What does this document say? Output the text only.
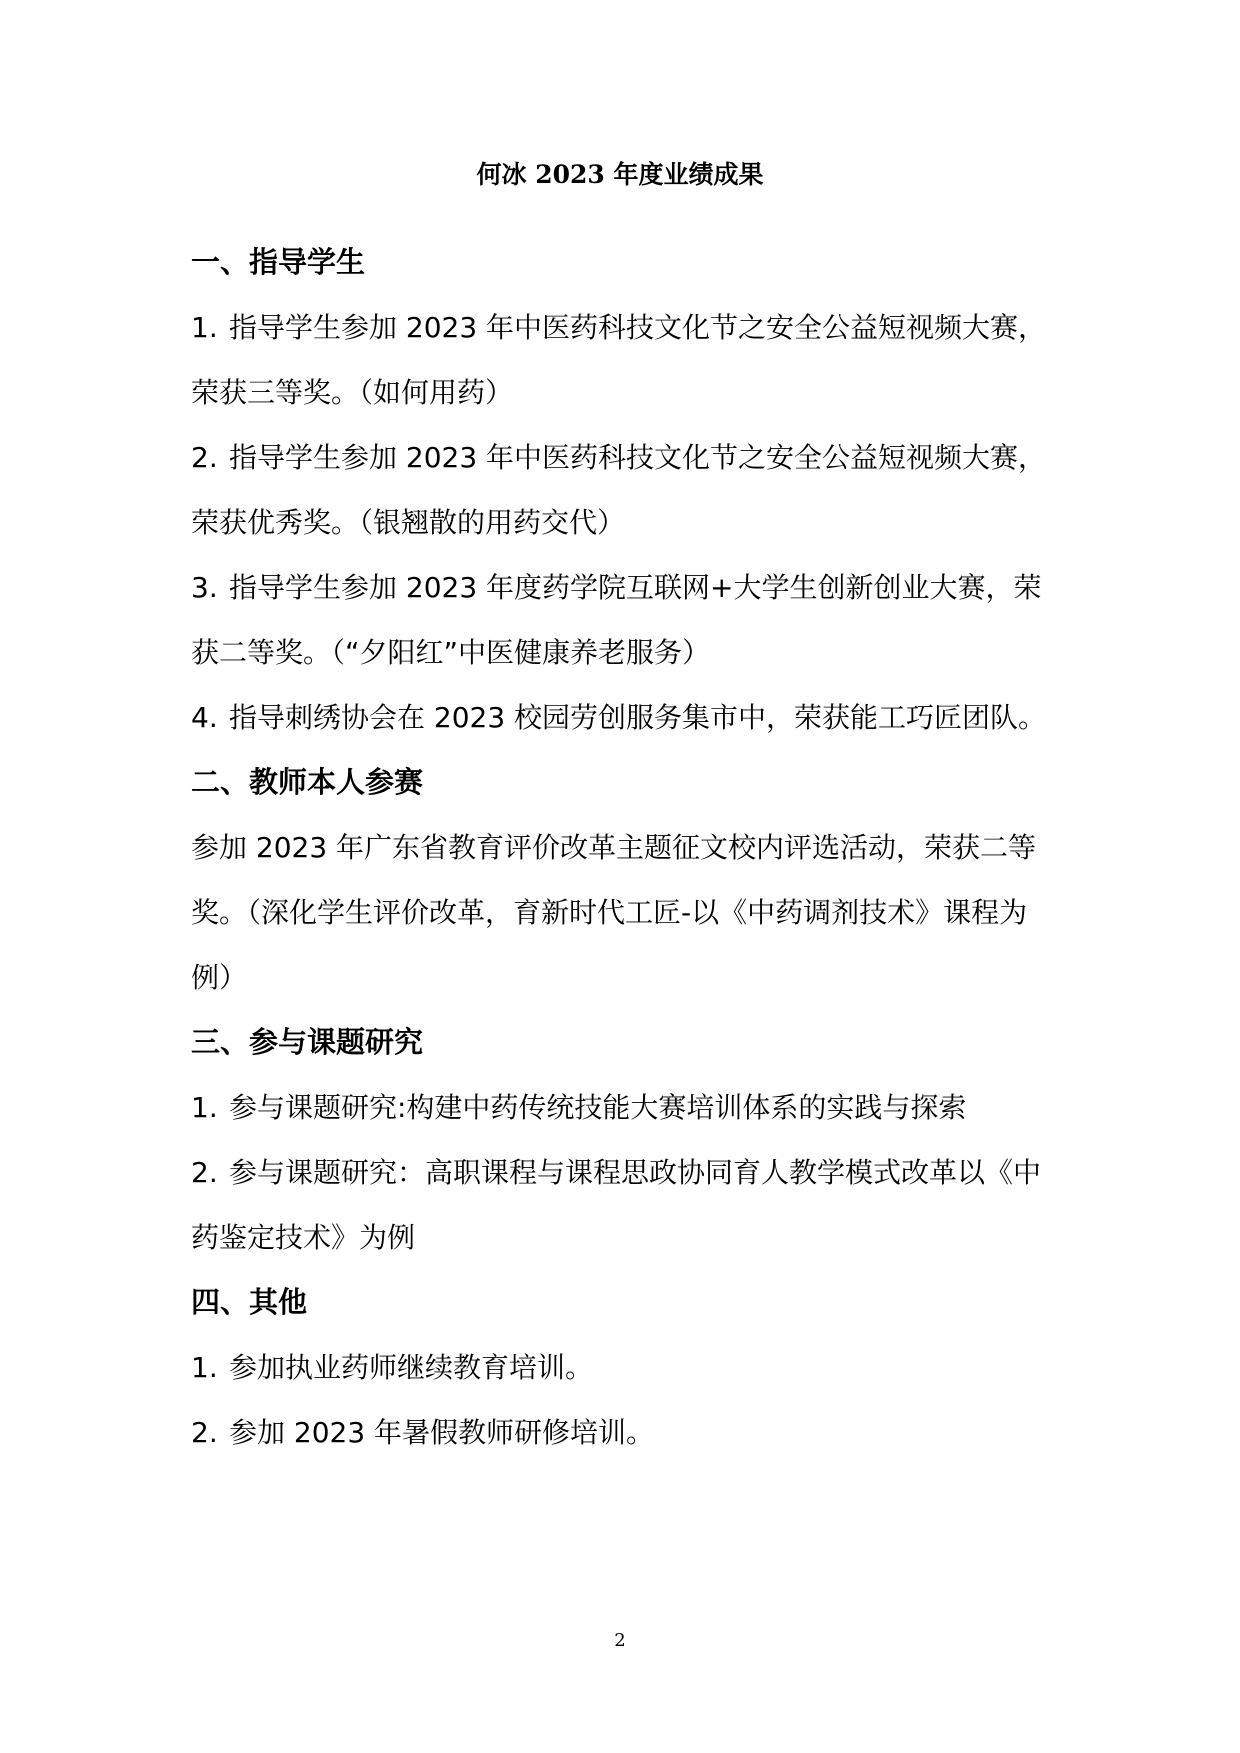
何冰 2023 年度业绩成果

一、指导学生

1. 指导学生参加 2023 年中医药科技文化节之安全公益短视频大赛，荣获三等奖。（如何用药）

2. 指导学生参加 2023 年中医药科技文化节之安全公益短视频大赛，荣获优秀奖。（银翘散的用药交代）

3. 指导学生参加 2023 年度药学院互联网+大学生创新创业大赛，荣获二等奖。（“夕阳红”中医健康养老服务）

4. 指导刺绣协会在 2023 校园劳创服务集市中，荣获能工巧匠团队。

二、教师本人参赛

参加 2023 年广东省教育评价改革主题征文校内评选活动，荣获二等奖。（深化学生评价改革，育新时代工匠-以《中药调剂技术》课程为例）

三、参与课题研究

1. 参与课题研究:构建中药传统技能大赛培训体系的实践与探索

2. 参与课题研究：高职课程与课程思政协同育人教学模式改革以《中药鉴定技术》为例

四、其他

1. 参加执业药师继续教育培训。

2. 参加 2023 年暑假教师研修培训。

2
